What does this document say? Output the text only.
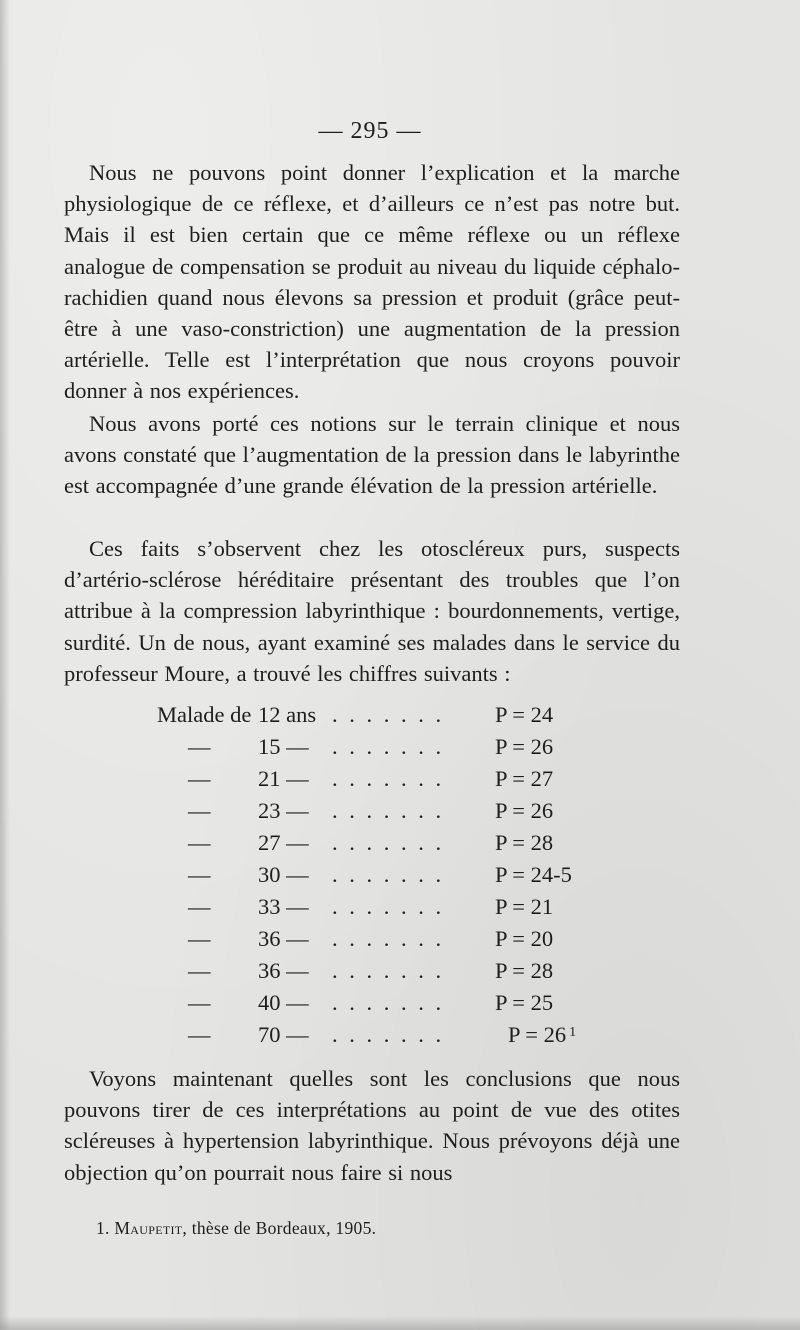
— 295 —

Nous ne pouvons point donner l’explication et la marche physiologique de ce réflexe, et d’ailleurs ce n’est pas notre but. Mais il est bien certain que ce même réflexe ou un réflexe analogue de compensation se produit au niveau du liquide céphalo-rachidien quand nous élevons sa pression et produit (grâce peut-être à une vaso-constriction) une augmentation de la pression artérielle. Telle est l’interprétation que nous croyons pouvoir donner à nos expériences.

Nous avons porté ces notions sur le terrain clinique et nous avons constaté que l’augmentation de la pression dans le labyrinthe est accompagnée d’une grande élévation de la pression artérielle.

Ces faits s’observent chez les otoscléreux purs, suspects d’artério-sclérose héréditaire présentant des troubles que l’on attribue à la compression labyrinthique : bourdonnements, vertige, surdité. Un de nous, ayant examiné ses malades dans le service du professeur Moure, a trouvé les chiffres suivants :

Malade de 12 ans . . . . . . . P = 24
— 15 — . . . . . . . P = 26
— 21 — . . . . . . . P = 27
— 23 — . . . . . . . P = 26
— 27 — . . . . . . . P = 28
— 30 — . . . . . . . P = 24-5
— 33 — . . . . . . . P = 21
— 36 — . . . . . . . P = 20
— 36 — . . . . . . . P = 28
— 40 — . . . . . . . P = 25
— 70 — . . . . . . .	P = 26 $^1$

Voyons maintenant quelles sont les conclusions que nous pouvons tirer de ces interprétations au point de vue des otites scléreuses à hypertension labyrinthique. Nous prévoyons déjà une objection qu’on pourrait nous faire si nous

1. Maupetit, thèse de Bordeaux, 1905.
